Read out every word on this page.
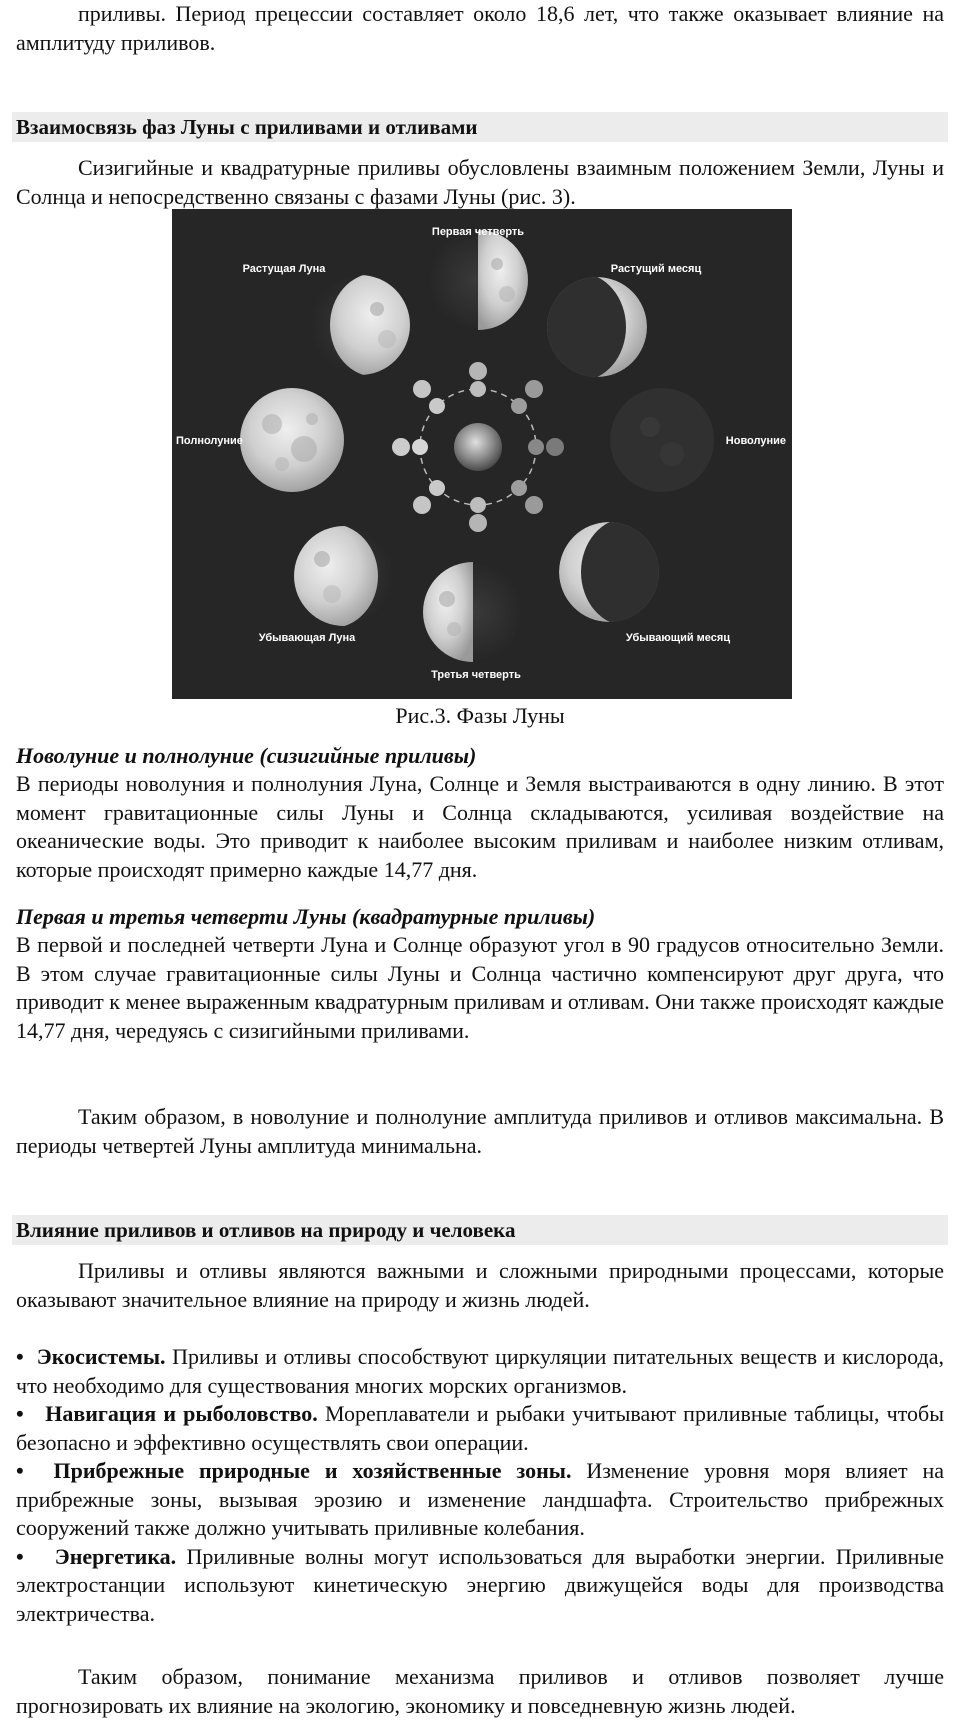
приливы. Период прецессии составляет около 18,6 лет, что также оказывает влияние на амплитуду приливов.

Взаимосвязь фаз Луны с приливами и отливами

Сизигийные и квадратурные приливы обусловлены взаимным положением Земли, Луны и Солнца и непосредственно связаны с фазами Луны (рис. 3).

Первая четверть
Растущая Луна	Растущий месяц
Полнолуние	Новолуние
Убывающая Луна	Убывающий месяц
Третья четверть
Рис.3. Фазы Луны
Новолуние и полнолуние (сизигийные приливы)

В периоды новолуния и полнолуния Луна, Солнце и Земля выстраиваются в одну линию. В этот момент гравитационные силы Луны и Солнца складываются, усиливая воздействие на океанические воды. Это приводит к наиболее высоким приливам и наиболее низким отливам, которые происходят примерно каждые 14,77 дня.

Первая и третья четверти Луны (квадратурные приливы)

В первой и последней четверти Луна и Солнце образуют угол в 90 градусов относительно Земли. В этом случае гравитационные силы Луны и Солнца частично компенсируют друг друга, что приводит к менее выраженным квадратурным приливам и отливам. Они также происходят каждые 14,77 дня, чередуясь с сизигийными приливами.

Таким образом, в новолуние и полнолуние амплитуда приливов и отливов максимальна. В периоды четвертей Луны амплитуда минимальна.

Влияние приливов и отливов на природу и человека

Приливы и отливы являются важными и сложными природными процессами, которые оказывают значительное влияние на природу и жизнь людей.

• Экосистемы. Приливы и отливы способствуют циркуляции питательных веществ и кислорода, что необходимо для существования многих морских организмов.

• Навигация и рыболовство. Мореплаватели и рыбаки учитывают приливные таблицы, чтобы безопасно и эффективно осуществлять свои операции.

• Прибрежные природные и хозяйственные зоны. Изменение уровня моря влияет на прибрежные зоны, вызывая эрозию и изменение ландшафта. Строительство прибрежных сооружений также должно учитывать приливные колебания.

• Энергетика. Приливные волны могут использоваться для выработки энергии. Приливные электростанции используют кинетическую энергию движущейся воды для производства электричества.

Таким образом, понимание механизма приливов и отливов позволяет лучше прогнозировать их влияние на экологию, экономику и повседневную жизнь людей.
